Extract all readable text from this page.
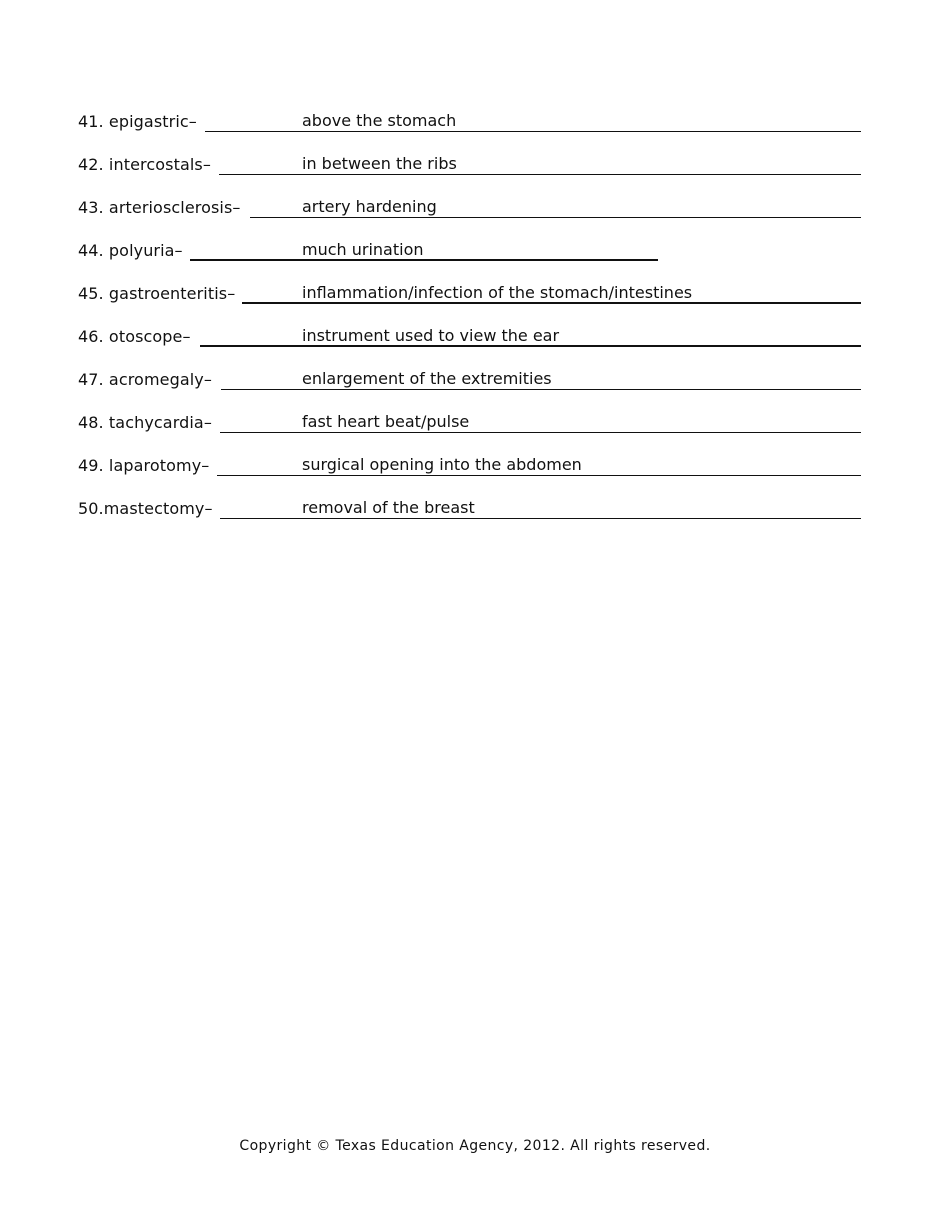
41. epigastric–	above the stomach
42. intercostals–	in between the ribs
43. arteriosclerosis–	artery hardening
44. polyuria–	much urination
45. gastroenteritis–	inflammation/infection of the stomach/intestines
46. otoscope–	instrument used to view the ear
47. acromegaly–	enlargement of the extremities
48. tachycardia–	fast heart beat/pulse
49. laparotomy–	surgical opening into the abdomen
50.mastectomy–	removal of the breast
Copyright © Texas Education Agency, 2012. All rights reserved.
